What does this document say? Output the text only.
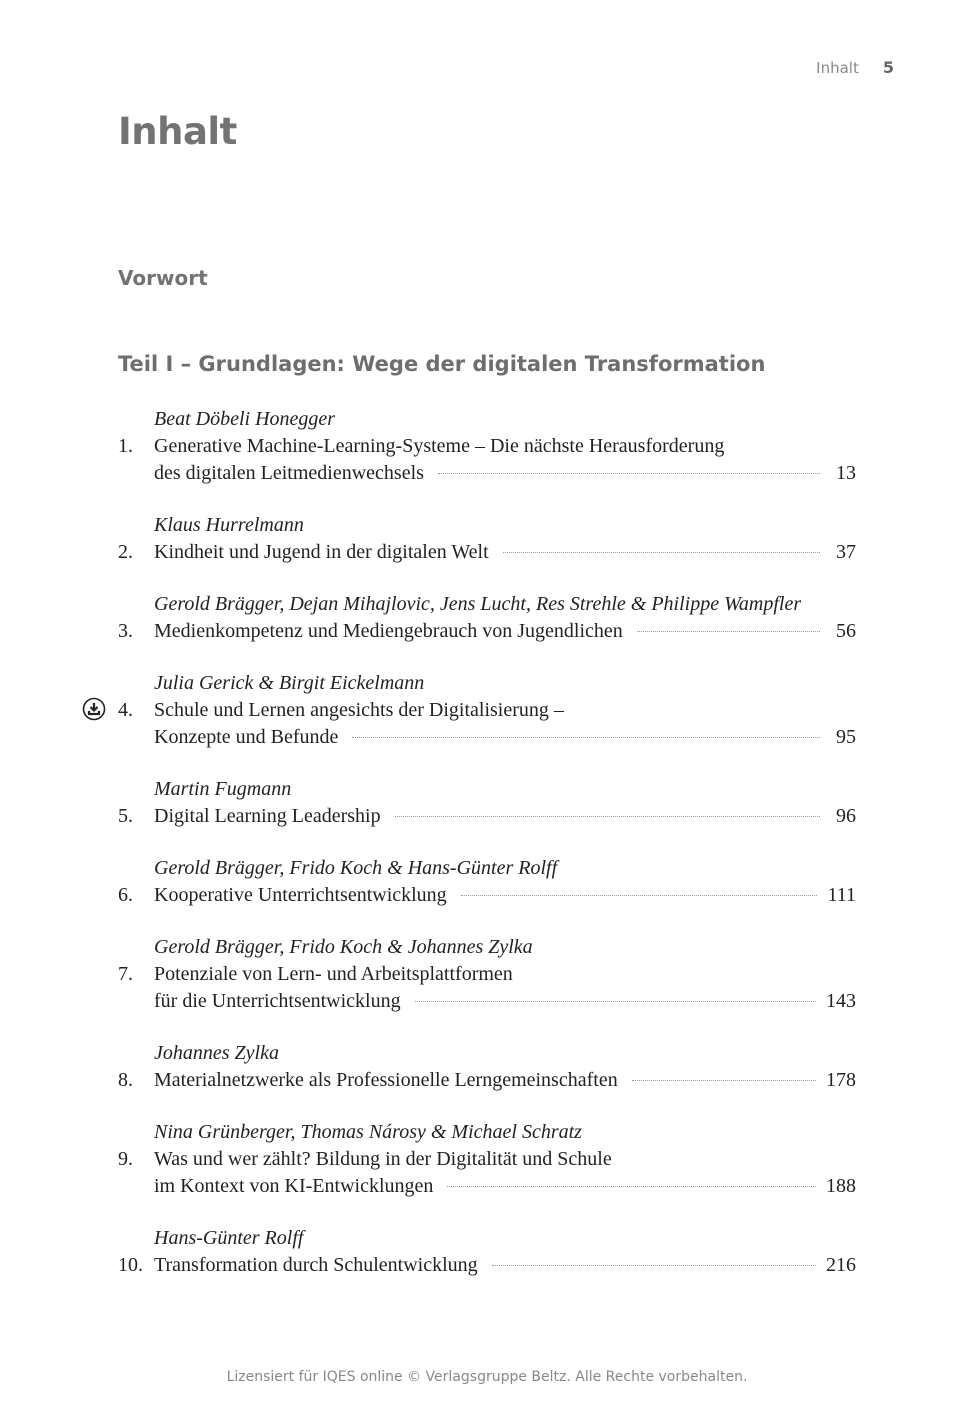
Inhalt 5
Inhalt
Vorwort
Teil I – Grundlagen: Wege der digitalen Transformation
Beat Döbeli Honegger
1.	Generative Machine-Learning-Systeme – Die nächste Herausforderung
des digitalen Leitmedienwechsels	13
Klaus Hurrelmann
2.	Kindheit und Jugend in der digitalen Welt	37
Gerold Brägger, Dejan Mihajlovic, Jens Lucht, Res Strehle & Philippe Wampfler
3.	Medienkompetenz und Mediengebrauch von Jugendlichen	56
Julia Gerick & Birgit Eickelmann
4.	Schule und Lernen angesichts der Digitalisierung –
Konzepte und Befunde	95
Martin Fugmann
5.	Digital Learning Leadership	96
Gerold Brägger, Frido Koch & Hans-Günter Rolff
6.	Kooperative Unterrichtsentwicklung	111
Gerold Brägger, Frido Koch & Johannes Zylka
7.	Potenziale von Lern- und Arbeitsplattformen
für die Unterrichtsentwicklung	143
Johannes Zylka
8.	Materialnetzwerke als Professionelle Lerngemeinschaften	178
Nina Grünberger, Thomas Nárosy & Michael Schratz
9.	Was und wer zählt? Bildung in der Digitalität und Schule
im Kontext von KI-Entwicklungen	188
Hans-Günter Rolff
10. Transformation durch Schulentwicklung	216
Lizensiert für IQES online © Verlagsgruppe Beltz. Alle Rechte vorbehalten.
